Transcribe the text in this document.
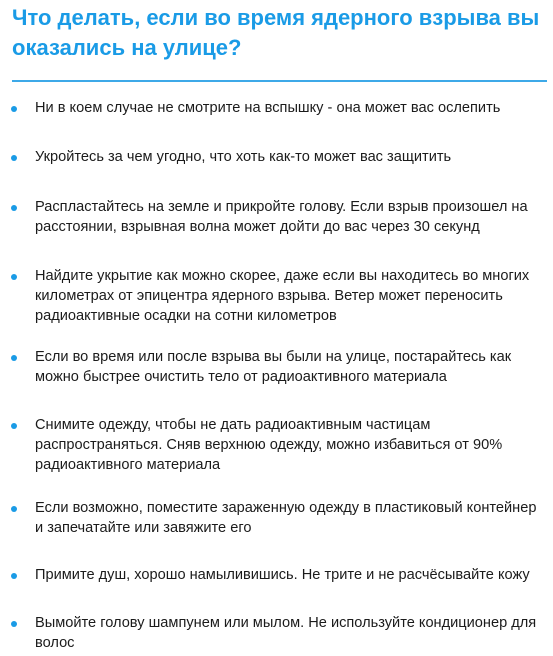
Что делать, если во время ядерного взрыва вы
оказались на улице?
Ни в коем случае не смотрите на вспышку - она может вас ослепить
Укройтесь за чем угодно, что хоть как-то может вас защитить
Распластайтесь на земле и прикройте голову. Если взрыв произошел на
расстоянии, взрывная волна может дойти до вас через 30 секунд
Найдите укрытие как можно скорее, даже если вы находитесь во многих
километрах от эпицентра ядерного взрыва. Ветер может переносить
радиоактивные осадки на сотни километров
Если во время или после взрыва вы были на улице, постарайтесь как
можно быстрее очистить тело от радиоактивного материала
Снимите одежду, чтобы не дать радиоактивным частицам
распространяться. Сняв верхнюю одежду, можно избавиться от 90%
радиоактивного материала
Если возможно, поместите зараженную одежду в пластиковый контейнер
и запечатайте или завяжите его
Примите душ, хорошо намыливишись. Не трите и не расчёсывайте кожу
Вымойте голову шампунем или мылом. Не используйте кондиционер для
волос
